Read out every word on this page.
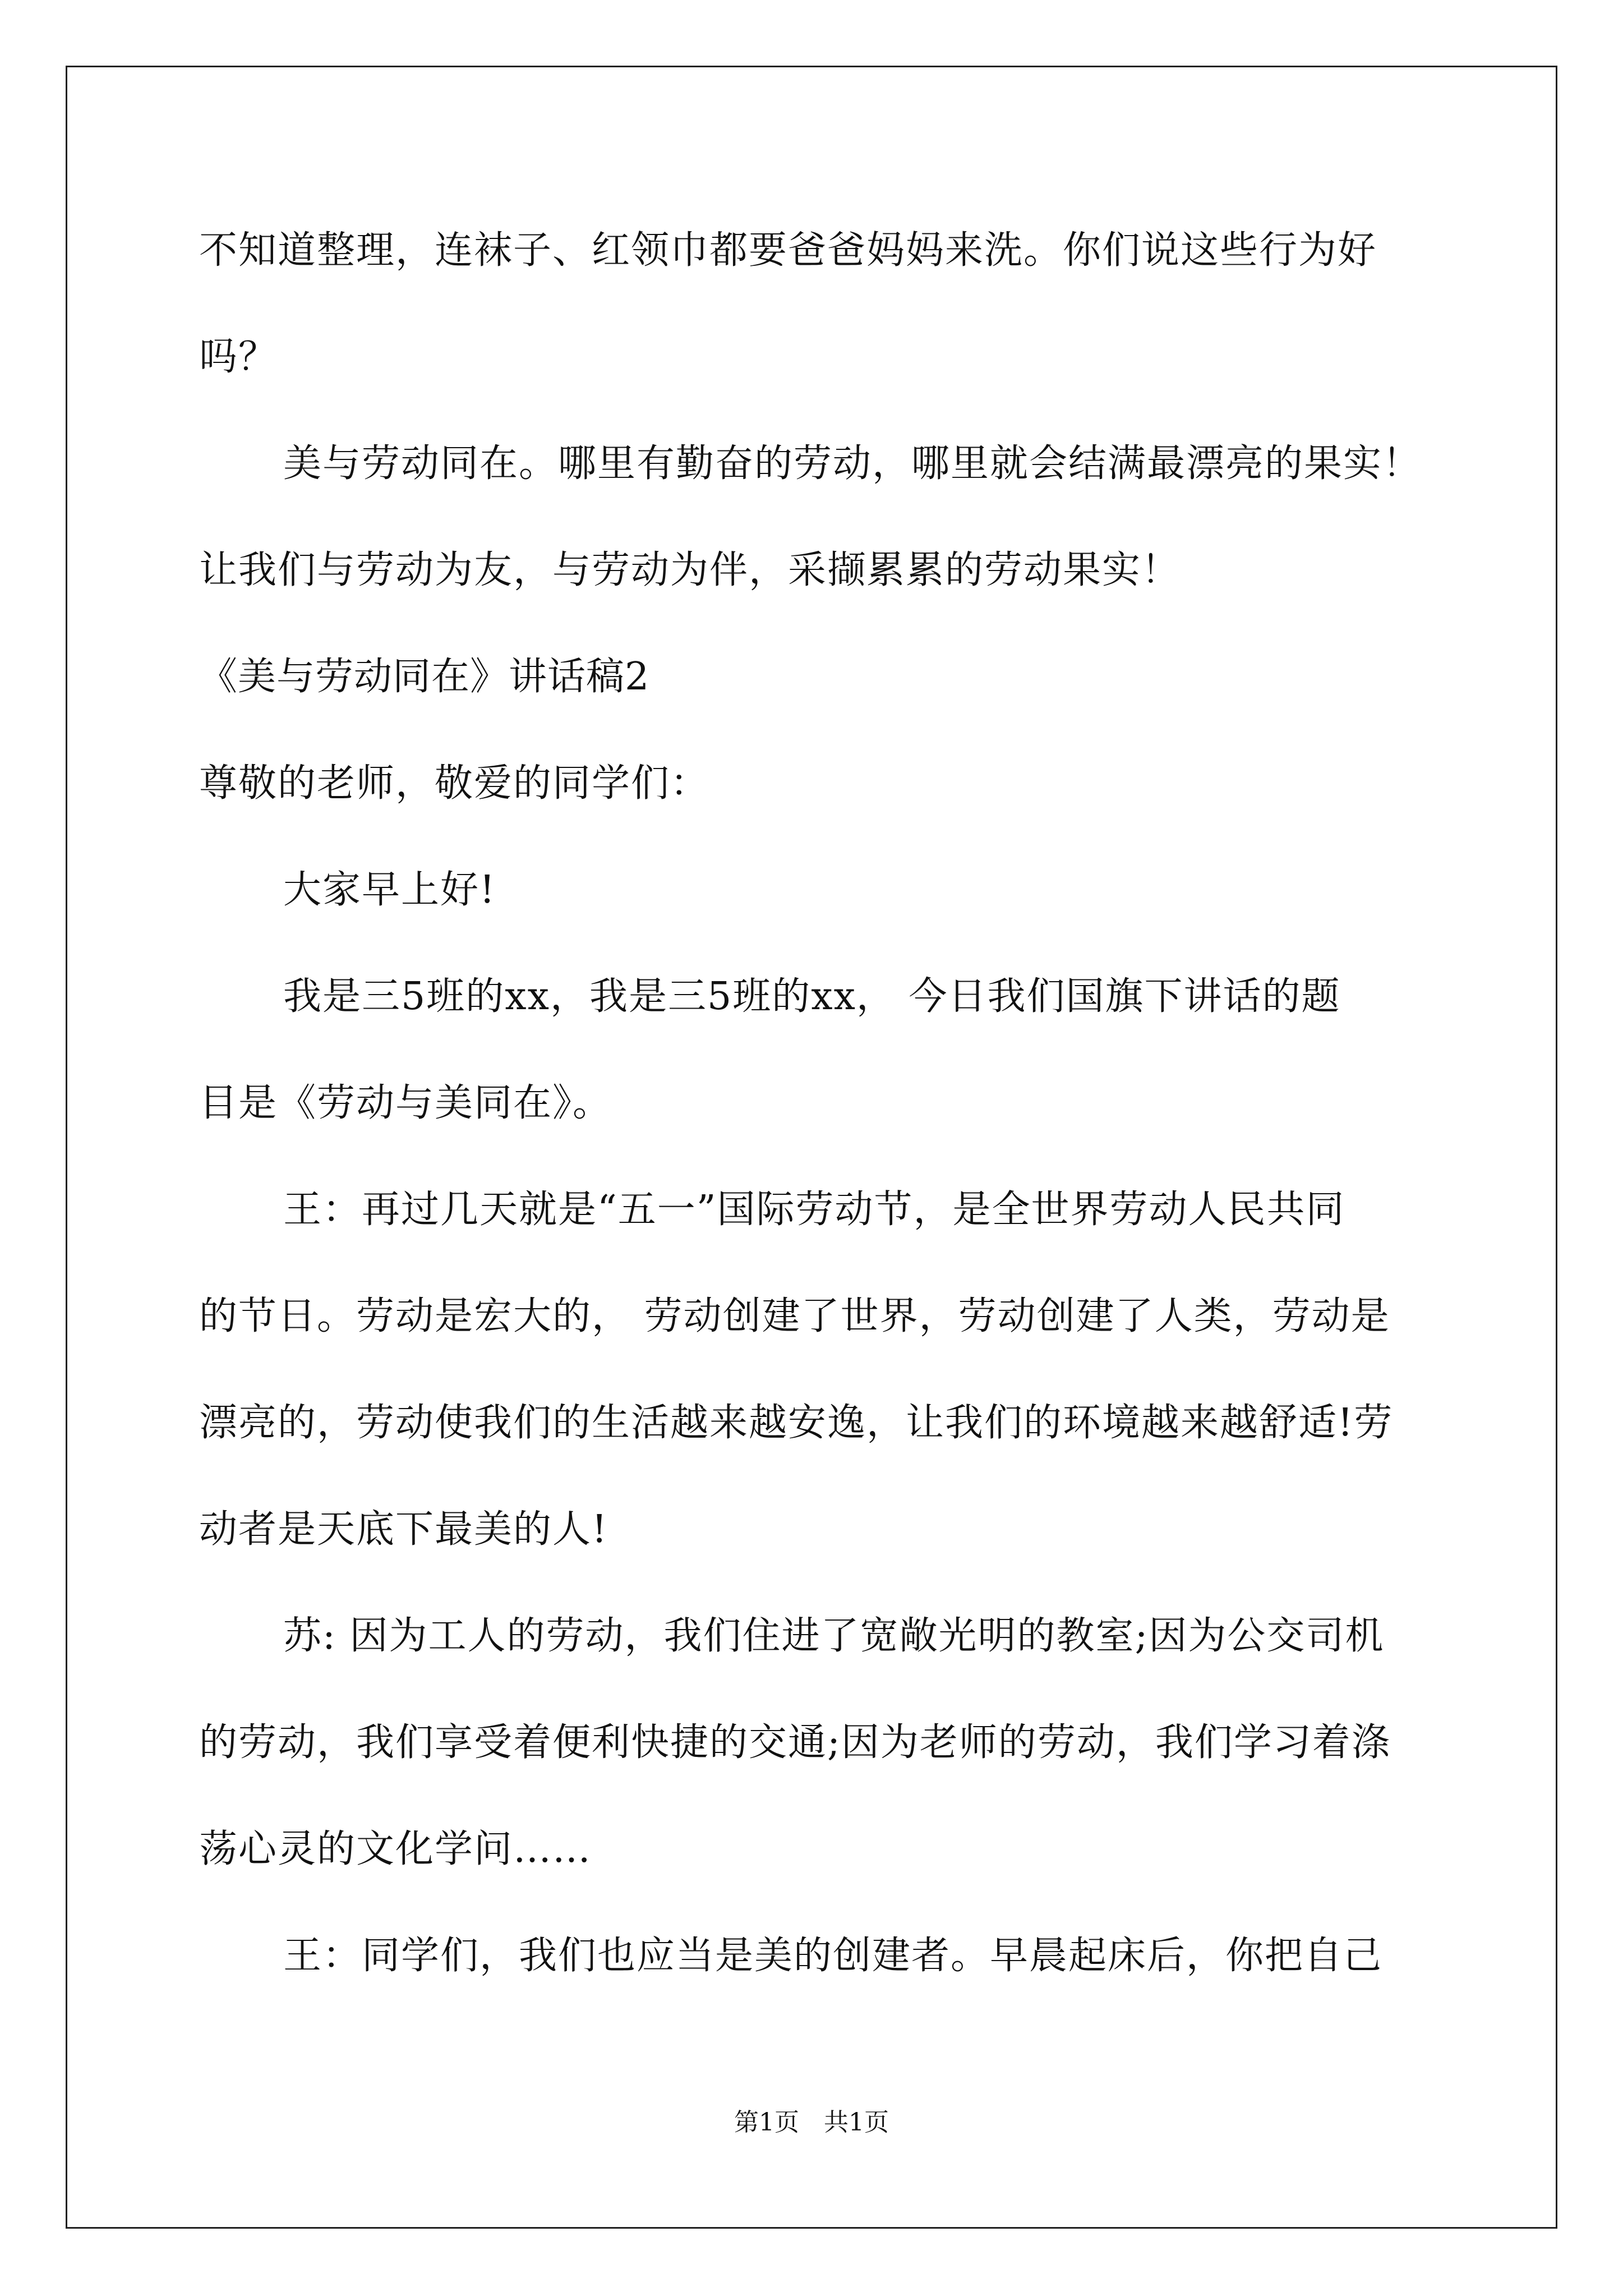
不知道整理，连袜子、红领巾都要爸爸妈妈来洗。你们说这些行为好
吗？
美与劳动同在。哪里有勤奋的劳动，哪里就会结满最漂亮的果实！
让我们与劳动为友，与劳动为伴，采撷累累的劳动果实！
《美与劳动同在》讲话稿2
尊敬的老师，敬爱的同学们：
大家早上好!
我是三5班的xx，我是三5班的xx， 今日我们国旗下讲话的题
目是《劳动与美同在》。
王：再过几天就是“五一”国际劳动节，是全世界劳动人民共同
的节日。劳动是宏大的， 劳动创建了世界，劳动创建了人类，劳动是
漂亮的，劳动使我们的生活越来越安逸，让我们的环境越来越舒适!劳
动者是天底下最美的人!
苏: 因为工人的劳动，我们住进了宽敞光明的教室;因为公交司机
的劳动，我们享受着便利快捷的交通;因为老师的劳动，我们学习着涤
荡心灵的文化学问……
王：同学们，我们也应当是美的创建者。早晨起床后，你把自己
第1页　共1页
